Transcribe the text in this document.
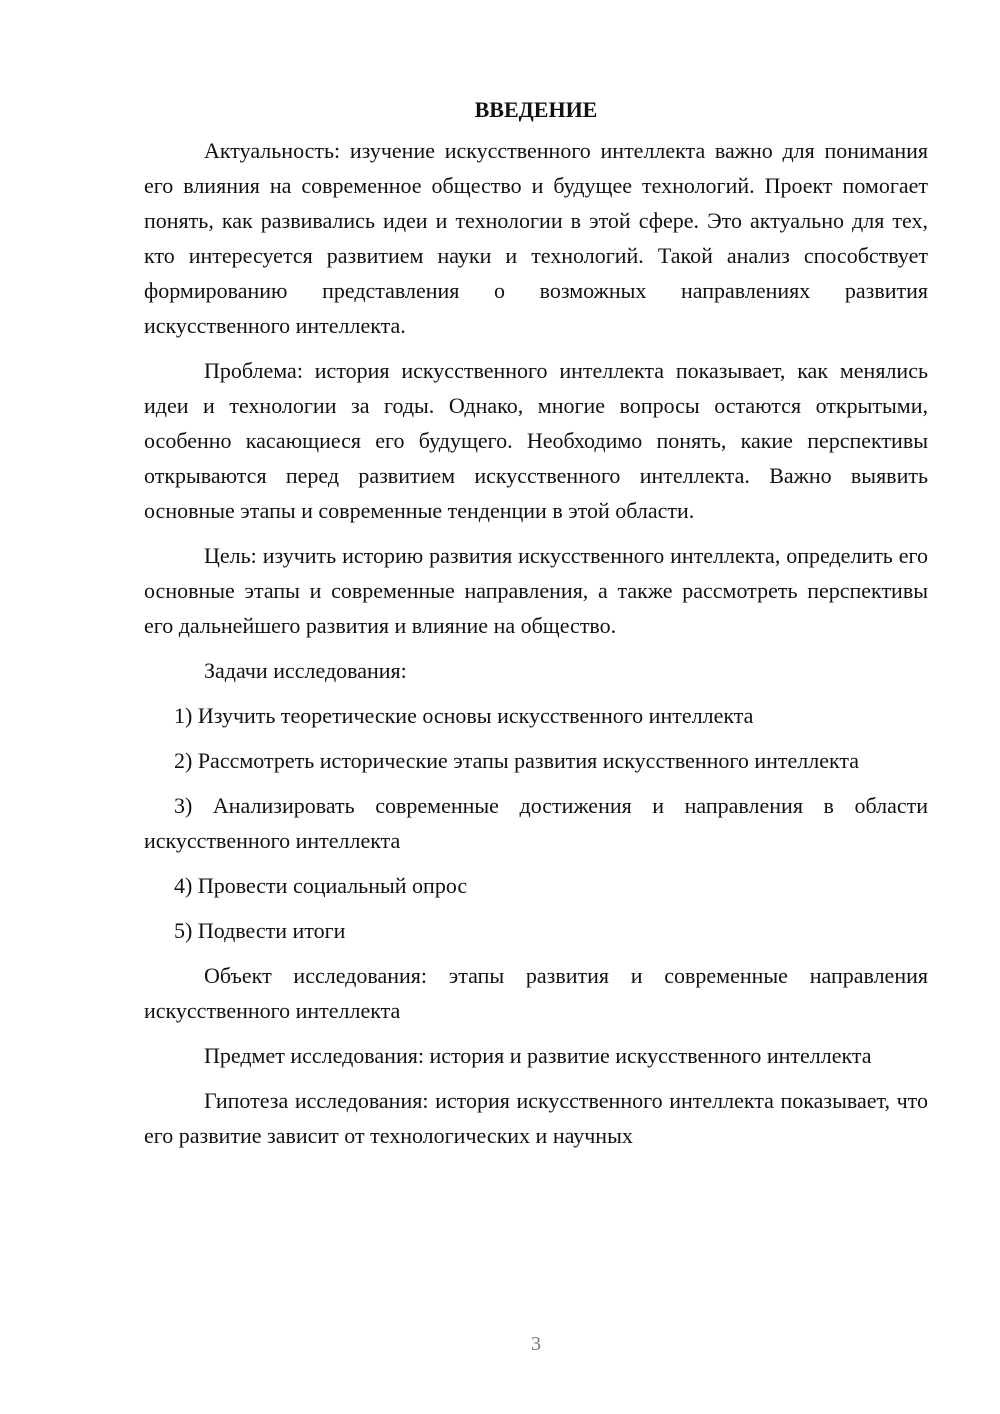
ВВЕДЕНИЕ

Актуальность: изучение искусственного интеллекта важно для понимания его влияния на современное общество и будущее технологий. Проект помогает понять, как развивались идеи и технологии в этой сфере. Это актуально для тех, кто интересуется развитием науки и технологий. Такой анализ способствует формированию представления о возможных направлениях развития искусственного интеллекта.

Проблема: история искусственного интеллекта показывает, как менялись идеи и технологии за годы. Однако, многие вопросы остаются открытыми, особенно касающиеся его будущего. Необходимо понять, какие перспективы открываются перед развитием искусственного интеллекта. Важно выявить основные этапы и современные тенденции в этой области.

Цель: изучить историю развития искусственного интеллекта, определить его основные этапы и современные направления, а также рассмотреть перспективы его дальнейшего развития и влияние на общество.

Задачи исследования:

1) Изучить теоретические основы искусственного интеллекта

2) Рассмотреть исторические этапы развития искусственного интеллекта

3) Анализировать современные достижения и направления в области искусственного интеллекта

4) Провести социальный опрос

5) Подвести итоги

Объект исследования: этапы развития и современные направления искусственного интеллекта

Предмет исследования: история и развитие искусственного интеллекта

Гипотеза исследования: история искусственного интеллекта показывает, что его развитие зависит от технологических и научных

3
